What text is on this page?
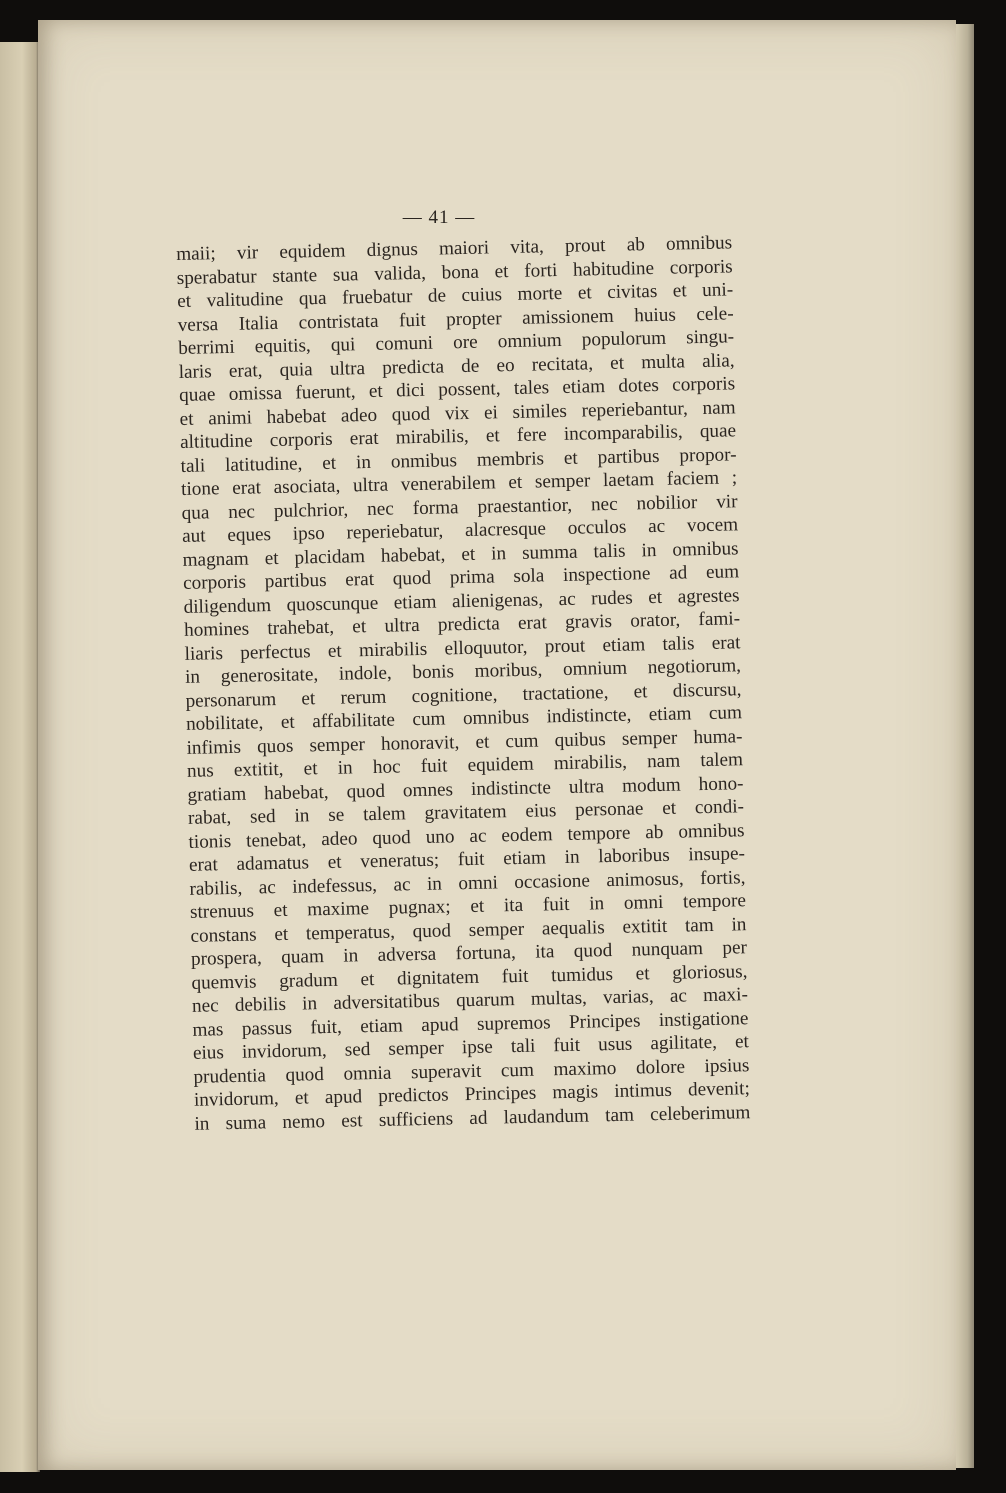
— 41 —
maii; vir equidem dignus maiori vita, prout ab omnibus
sperabatur stante sua valida, bona et forti habitudine corporis
et valitudine qua fruebatur de cuius morte et civitas et uni-
versa Italia contristata fuit propter amissionem huius cele-
berrimi equitis, qui comuni ore omnium populorum singu-
laris erat, quia ultra predicta de eo recitata, et multa alia,
quae omissa fuerunt, et dici possent, tales etiam dotes corporis
et animi habebat adeo quod vix ei similes reperiebantur, nam
altitudine corporis erat mirabilis, et fere incomparabilis, quae
tali latitudine, et in onmibus membris et partibus propor-
tione erat asociata, ultra venerabilem et semper laetam faciem ;
qua nec pulchrior, nec forma praestantior, nec nobilior vir
aut eques ipso reperiebatur, alacresque occulos ac vocem
magnam et placidam habebat, et in summa talis in omnibus
corporis partibus erat quod prima sola inspectione ad eum
diligendum quoscunque etiam alienigenas, ac rudes et agrestes
homines trahebat, et ultra predicta erat gravis orator, fami-
liaris perfectus et mirabilis elloquutor, prout etiam talis erat
in generositate, indole, bonis moribus, omnium negotiorum,
personarum et rerum cognitione, tractatione, et discursu,
nobilitate, et affabilitate cum omnibus indistincte, etiam cum
infimis quos semper honoravit, et cum quibus semper huma-
nus extitit, et in hoc fuit equidem mirabilis, nam talem
gratiam habebat, quod omnes indistincte ultra modum hono-
rabat, sed in se talem gravitatem eius personae et condi-
tionis tenebat, adeo quod uno ac eodem tempore ab omnibus
erat adamatus et veneratus; fuit etiam in laboribus insupe-
rabilis, ac indefessus, ac in omni occasione animosus, fortis,
strenuus et maxime pugnax; et ita fuit in omni tempore
constans et temperatus, quod semper aequalis extitit tam in
prospera, quam in adversa fortuna, ita quod nunquam per
quemvis gradum et dignitatem fuit tumidus et gloriosus,
nec debilis in adversitatibus quarum multas, varias, ac maxi-
mas passus fuit, etiam apud supremos Principes instigatione
eius invidorum, sed semper ipse tali fuit usus agilitate, et
prudentia quod omnia superavit cum maximo dolore ipsius
invidorum, et apud predictos Principes magis intimus devenit;
in suma nemo est sufficiens ad laudandum tam celeberimum
